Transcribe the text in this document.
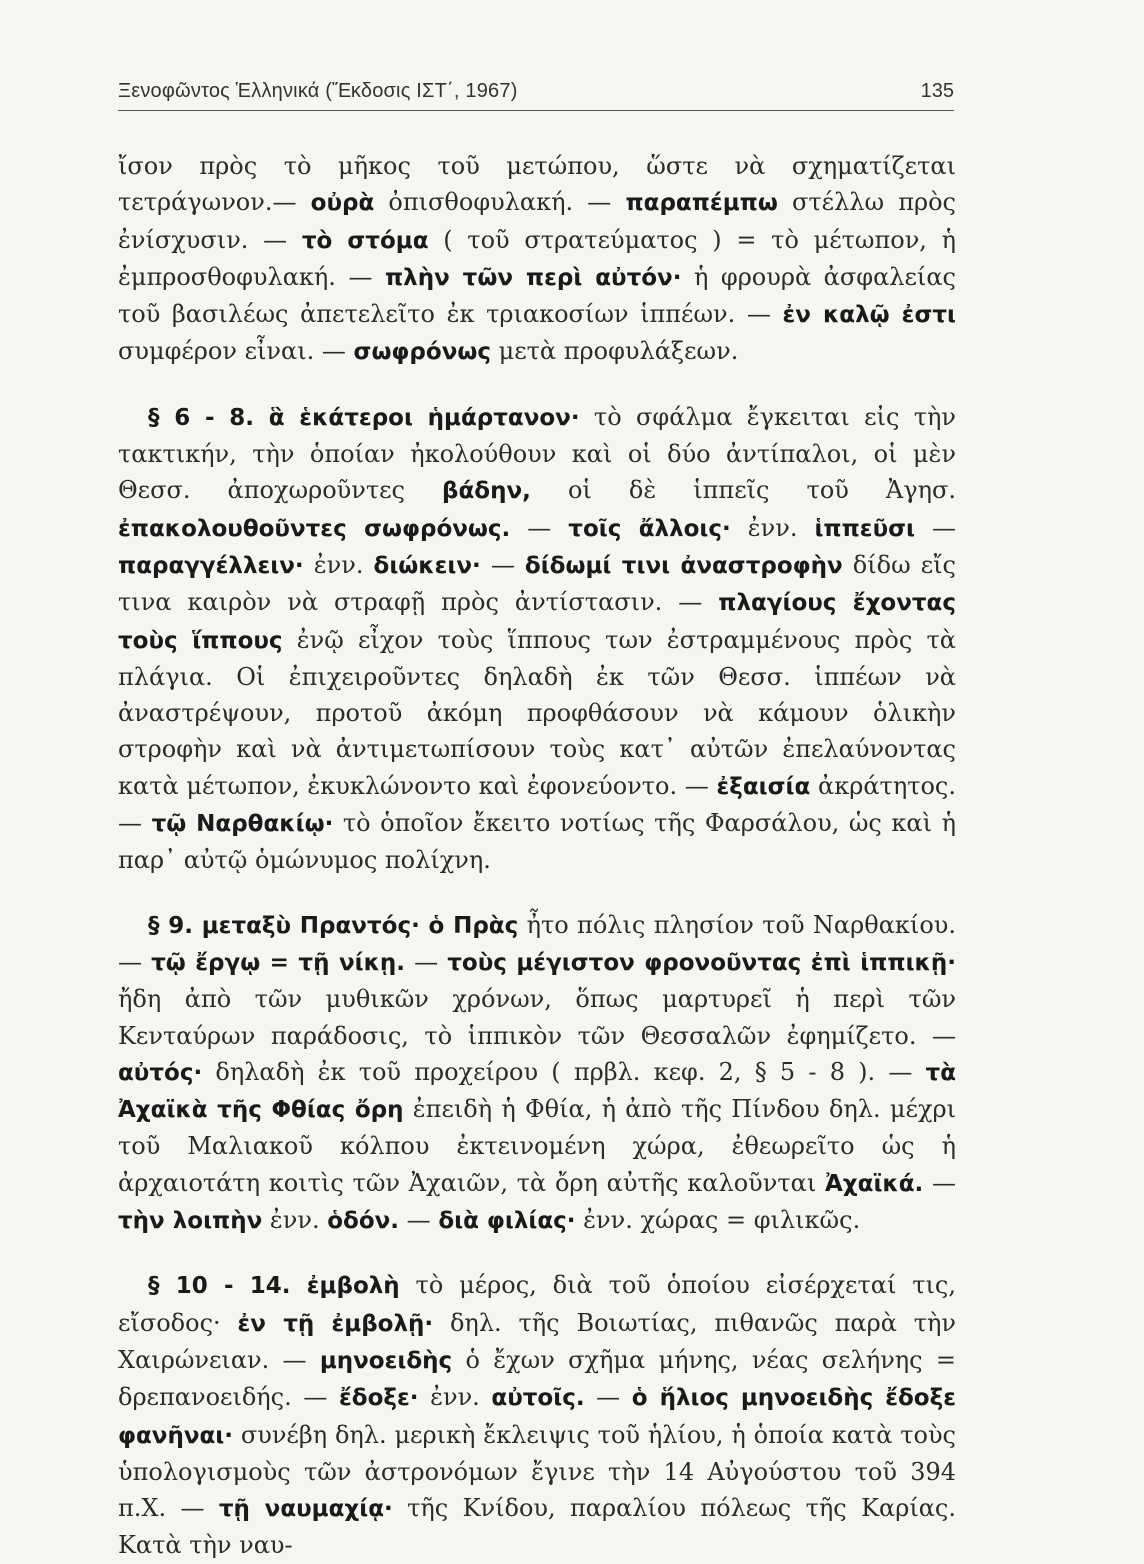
Ξενοφῶντος Ἑλληνικά (Ἔκδοσις ΙΣΤ΄, 1967)	135

ἴσον πρὸς τὸ μῆκος τοῦ μετώπου, ὥστε νὰ σχηματίζεται τετράγωνον.— οὐρὰ ὀπισθοφυλακή. — παραπέμπω στέλλω πρὸς ἐνίσχυσιν. — τὸ στόμα ( τοῦ στρατεύματος ) = τὸ μέτωπον, ἡ ἐμπροσθοφυλακή. — πλὴν τῶν περὶ αὐτόν· ἡ φρουρὰ ἀσφαλείας τοῦ βασιλέως ἀπετελεῖτο ἐκ τριακοσίων ἱππέων. — ἐν καλῷ ἐστι συμφέρον εἶναι. — σωφρόνως μετὰ προφυλάξεων.

§ 6 - 8. ἃ ἑκάτεροι ἡμάρτανον· τὸ σφάλμα ἔγκειται εἰς τὴν τακτικήν, τὴν ὁποίαν ἠκολούθουν καὶ οἱ δύο ἀντίπαλοι, οἱ μὲν Θεσσ. ἀποχωροῦντες βάδην, οἱ δὲ ἱππεῖς τοῦ Ἀγησ. ἐπακολουθοῦντες σωφρόνως. — τοῖς ἄλλοις· ἐνν. ἱππεῦσι — παραγγέλλειν· ἐνν. διώκειν· — δίδωμί τινι ἀναστροφὴν δίδω εἴς τινα καιρὸν νὰ στραφῇ πρὸς ἀντίστασιν. — πλαγίους ἔχοντας τοὺς ἵππους ἐνῷ εἶχον τοὺς ἵππους των ἐστραμμένους πρὸς τὰ πλάγια. Οἱ ἐπιχειροῦντες δηλαδὴ ἐκ τῶν Θεσσ. ἱππέων νὰ ἀναστρέψουν, προτοῦ ἀκόμη προφθάσουν νὰ κάμουν ὁλικὴν στροφὴν καὶ νὰ ἀντιμετωπίσουν τοὺς κατ᾽ αὐτῶν ἐπελαύνοντας κατὰ μέτωπον, ἐκυκλώνοντο καὶ ἐφονεύοντο. — ἐξαισία ἀκράτητος. — τῷ Ναρθακίῳ· τὸ ὁποῖον ἔκειτο νοτίως τῆς Φαρσάλου, ὡς καὶ ἡ παρ᾽ αὐτῷ ὁμώνυμος πολίχνη.

§ 9. μεταξὺ Πραντός· ὁ Πρὰς ἦτο πόλις πλησίον τοῦ Ναρθακίου. — τῷ ἔργῳ = τῇ νίκῃ. — τοὺς μέγιστον φρονοῦντας ἐπὶ ἱππικῇ· ἤδη ἀπὸ τῶν μυθικῶν χρόνων, ὅπως μαρτυρεῖ ἡ περὶ τῶν Κενταύρων παράδοσις, τὸ ἱππικὸν τῶν Θεσσαλῶν ἐφημίζετο. — αὐτός· δηλαδὴ ἐκ τοῦ προχείρου ( πρβλ. κεφ. 2, § 5 - 8 ). — τὰ Ἀχαϊκὰ τῆς Φθίας ὄρη ἐπειδὴ ἡ Φθία, ἡ ἀπὸ τῆς Πίνδου δηλ. μέχρι τοῦ Μαλιακοῦ κόλπου ἐκτεινομένη χώρα, ἐθεωρεῖτο ὡς ἡ ἀρχαιοτάτη κοιτὶς τῶν Ἀχαιῶν, τὰ ὄρη αὐτῆς καλοῦνται Ἀχαϊκά. — τὴν λοιπὴν ἐνν. ὁδόν. — διὰ φιλίας· ἐνν. χώρας = φιλικῶς.

§ 10 - 14. ἐμβολὴ τὸ μέρος, διὰ τοῦ ὁποίου εἰσέρχεταί τις, εἴσοδος· ἐν τῇ ἐμβολῇ· δηλ. τῆς Βοιωτίας, πιθανῶς παρὰ τὴν Χαιρώνειαν. — μηνοειδὴς ὁ ἔχων σχῆμα μήνης, νέας σελήνης = δρεπανοειδής. — ἔδοξε· ἐνν. αὐτοῖς. — ὁ ἥλιος μηνοειδὴς ἔδοξε φανῆναι· συνέβη δηλ. μερικὴ ἔκλειψις τοῦ ἡλίου, ἡ ὁποία κατὰ τοὺς ὑπολογισμοὺς τῶν ἀστρονόμων ἔγινε τὴν 14 Αὐγούστου τοῦ 394 π.Χ. — τῇ ναυμαχίᾳ· τῆς Κνίδου, παραλίου πόλεως τῆς Καρίας. Κατὰ τὴν ναυ-
